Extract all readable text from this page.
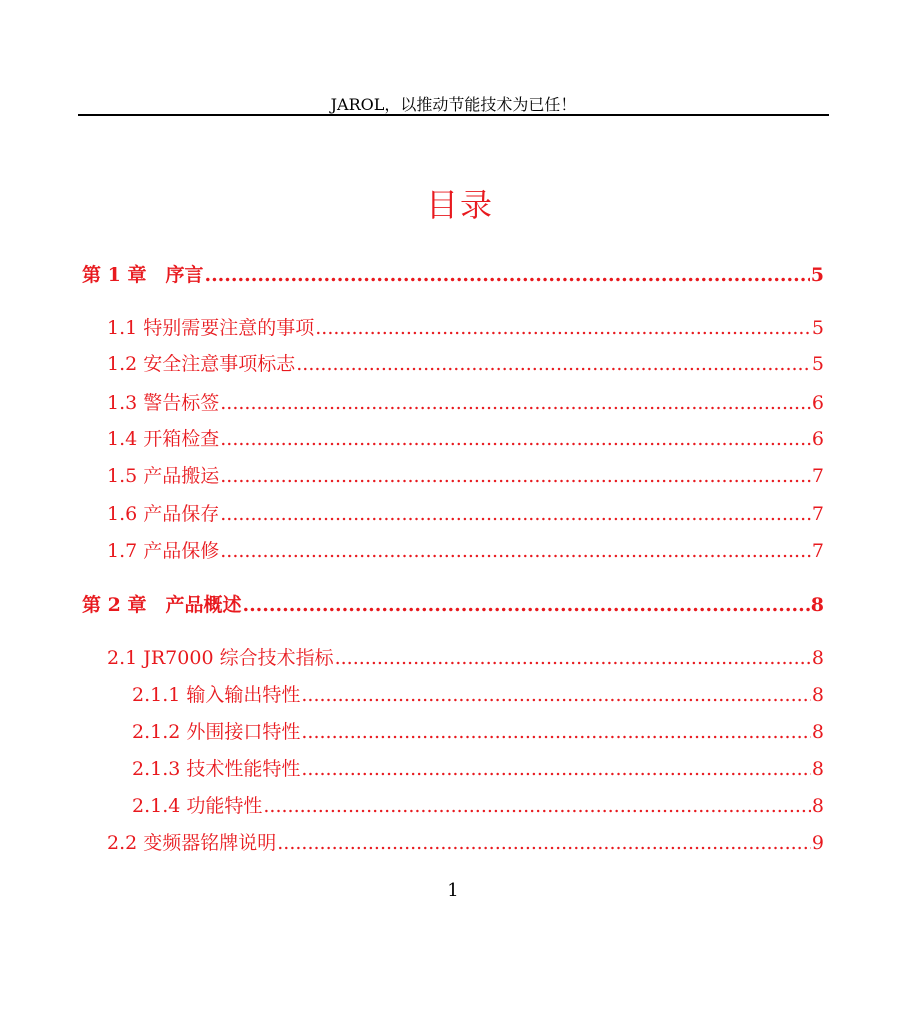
JAROL，以推动节能技术为已任！
目录
第 1 章　序言 .....	5
1.1 特别需要注意的事项 .....	5
1.2 安全注意事项标志 .....	5
1.3 警告标签 .....	6
1.4 开箱检查 .....	6
1.5 产品搬运 .....	7
1.6 产品保存 .....	7
1.7 产品保修 .....	7
第 2 章　产品概述 .....	8
2.1 JR7000 综合技术指标 .....	8
2.1.1 输入输出特性 .....	8
2.1.2 外围接口特性 .....	8
2.1.3 技术性能特性 .....	8
2.1.4 功能特性 .....	8
2.2 变频器铭牌说明 .....	9
1
